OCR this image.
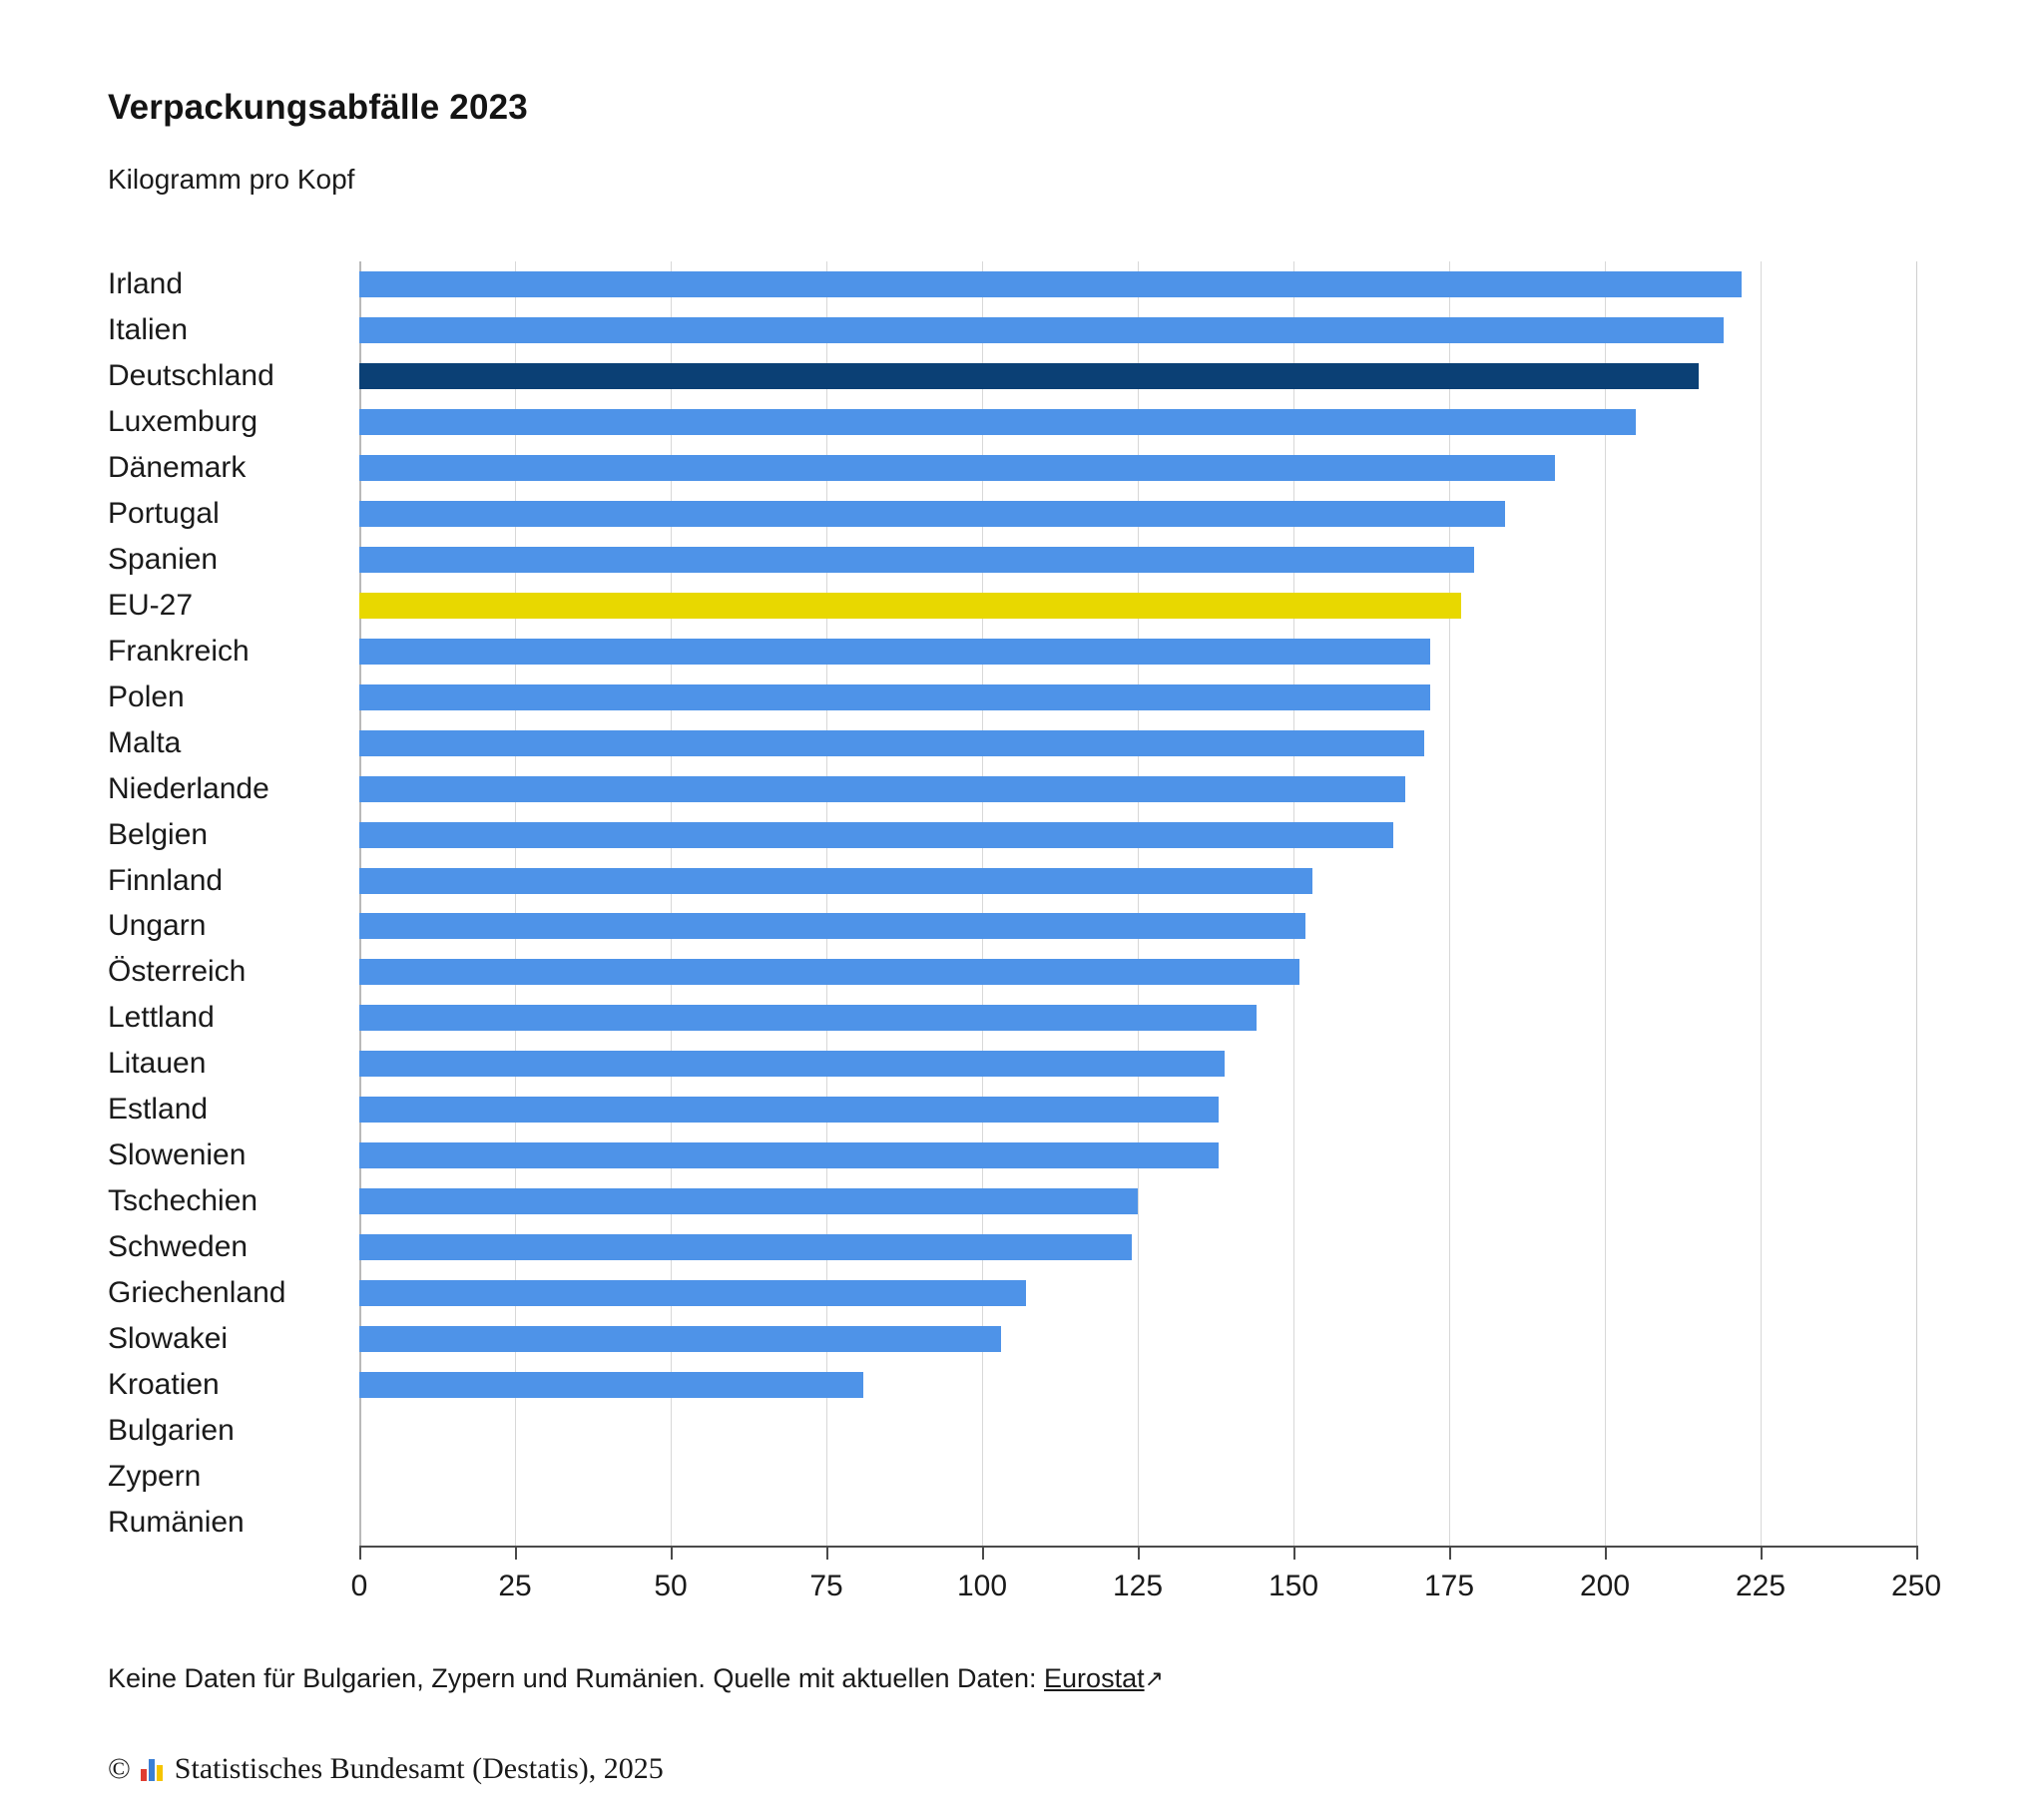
Verpackungsabfälle 2023
Kilogramm pro Kopf
Irland
Italien
Deutschland
Luxemburg
Dänemark
Portugal
Spanien
EU-27
Frankreich
Polen
Malta
Niederlande
Belgien
Finnland
Ungarn
Österreich
Lettland
Litauen
Estland
Slowenien
Tschechien
Schweden
Griechenland
Slowakei
Kroatien
Bulgarien
Zypern
Rumänien
0	25	50	75	100	125	150	175	200	225	250
Keine Daten für Bulgarien, Zypern und Rumänien. Quelle mit aktuellen Daten: Eurostat↗
© Statistisches Bundesamt (Destatis), 2025
